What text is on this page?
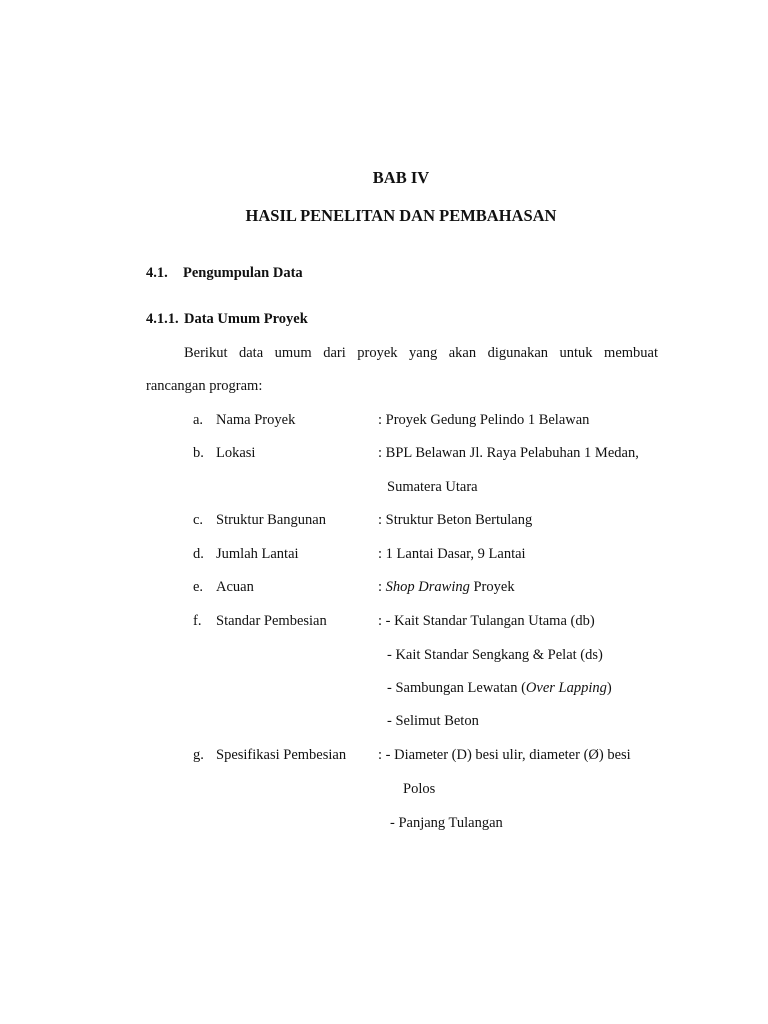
BAB IV
HASIL PENELITAN DAN PEMBAHASAN
4.1. Pengumpulan Data
4.1.1. Data Umum Proyek
Berikut data umum dari proyek yang akan digunakan untuk membuat
rancangan program:
a. Nama Proyek	: Proyek Gedung Pelindo 1 Belawan
b. Lokasi	: BPL Belawan Jl. Raya Pelabuhan 1 Medan,
Sumatera Utara
c. Struktur Bangunan	: Struktur Beton Bertulang
d. Jumlah Lantai	: 1 Lantai Dasar, 9 Lantai
e. Acuan	: Shop Drawing Proyek
f. Standar Pembesian	: - Kait Standar Tulangan Utama (db)
- Kait Standar Sengkang & Pelat (ds)
- Sambungan Lewatan (Over Lapping)
- Selimut Beton
g. Spesifikasi Pembesian : - Diameter (D) besi ulir, diameter (Ø) besi
Polos
- Panjang Tulangan
